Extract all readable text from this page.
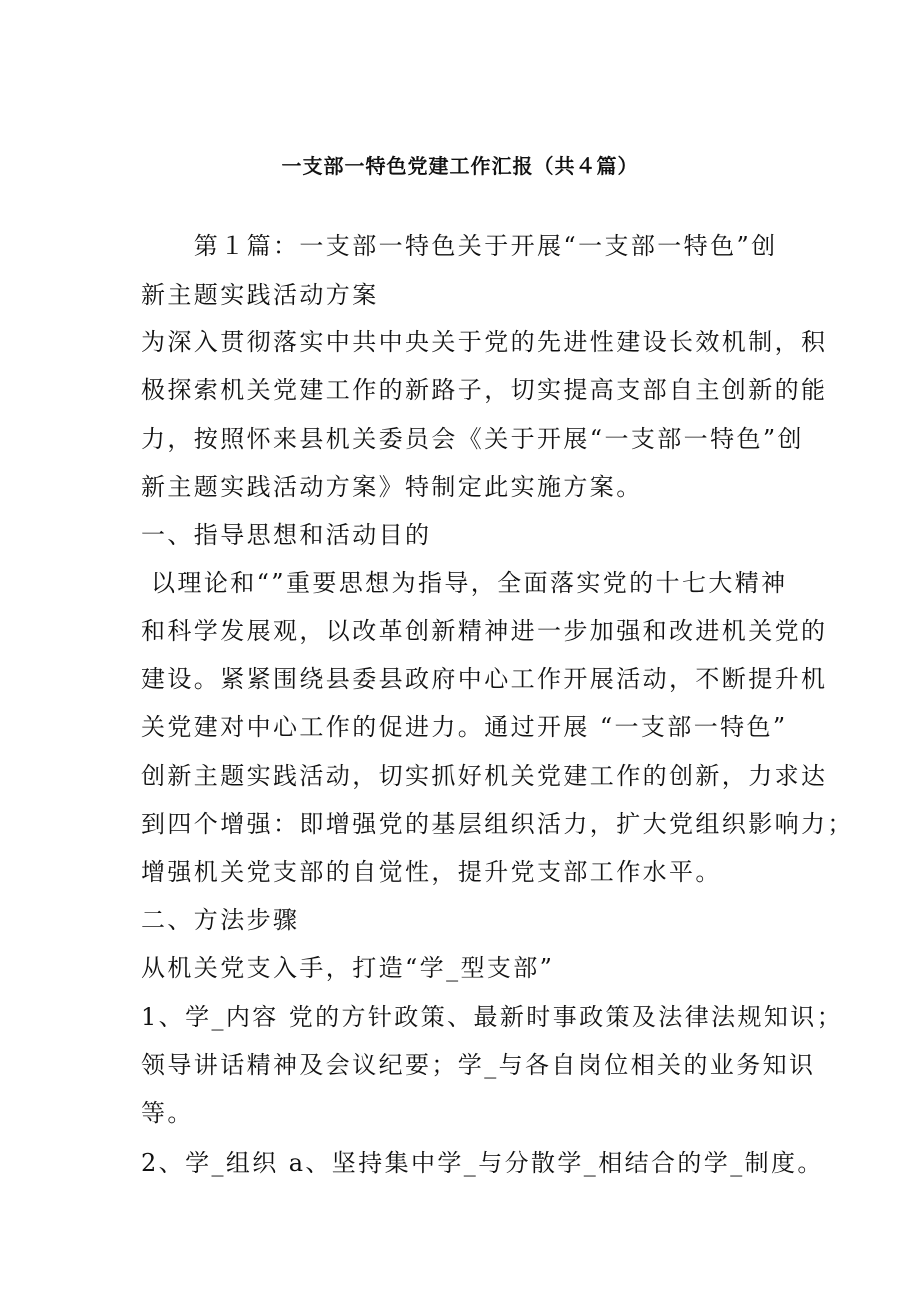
一支部一特色党建工作汇报（共４篇）
　　第１篇：一支部一特色关于开展“一支部一特色”创
新主题实践活动方案
为深入贯彻落实中共中央关于党的先进性建设长效机制，积
极探索机关党建工作的新路子，切实提高支部自主创新的能
力，按照怀来县机关委员会《关于开展“一支部一特色”创
新主题实践活动方案》特制定此实施方案。
一、指导思想和活动目的
以理论和“”重要思想为指导，全面落实党的十七大精神
和科学发展观，以改革创新精神进一步加强和改进机关党的
建设。紧紧围绕县委县政府中心工作开展活动，不断提升机
关党建对中心工作的促进力。通过开展 “一支部一特色”
创新主题实践活动，切实抓好机关党建工作的创新，力求达
到四个增强：即增强党的基层组织活力，扩大党组织影响力；
增强机关党支部的自觉性，提升党支部工作水平。
二、方法步骤
从机关党支入手，打造“学_型支部”
1、学_内容 党的方针政策、最新时事政策及法律法规知识；
领导讲话精神及会议纪要；学_与各自岗位相关的业务知识
等。
2、学_组织 a、坚持集中学_与分散学_相结合的学_制度。
